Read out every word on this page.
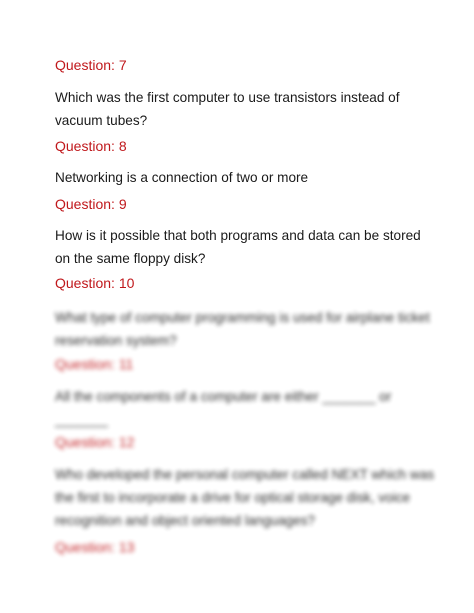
Question: 7
Which was the first computer to use transistors instead of vacuum tubes?
Question: 8
Networking is a connection of two or more
Question: 9
How is it possible that both programs and data can be stored on the same floppy disk?
Question: 10
What type of computer programming is used for airplane ticket reservation system?
Question: 11
All the components of a computer are either _______ or _______
Question: 12
Who developed the personal computer called NEXT which was the first to incorporate a drive for optical storage disk, voice recognition and object oriented languages?
Question: 13
